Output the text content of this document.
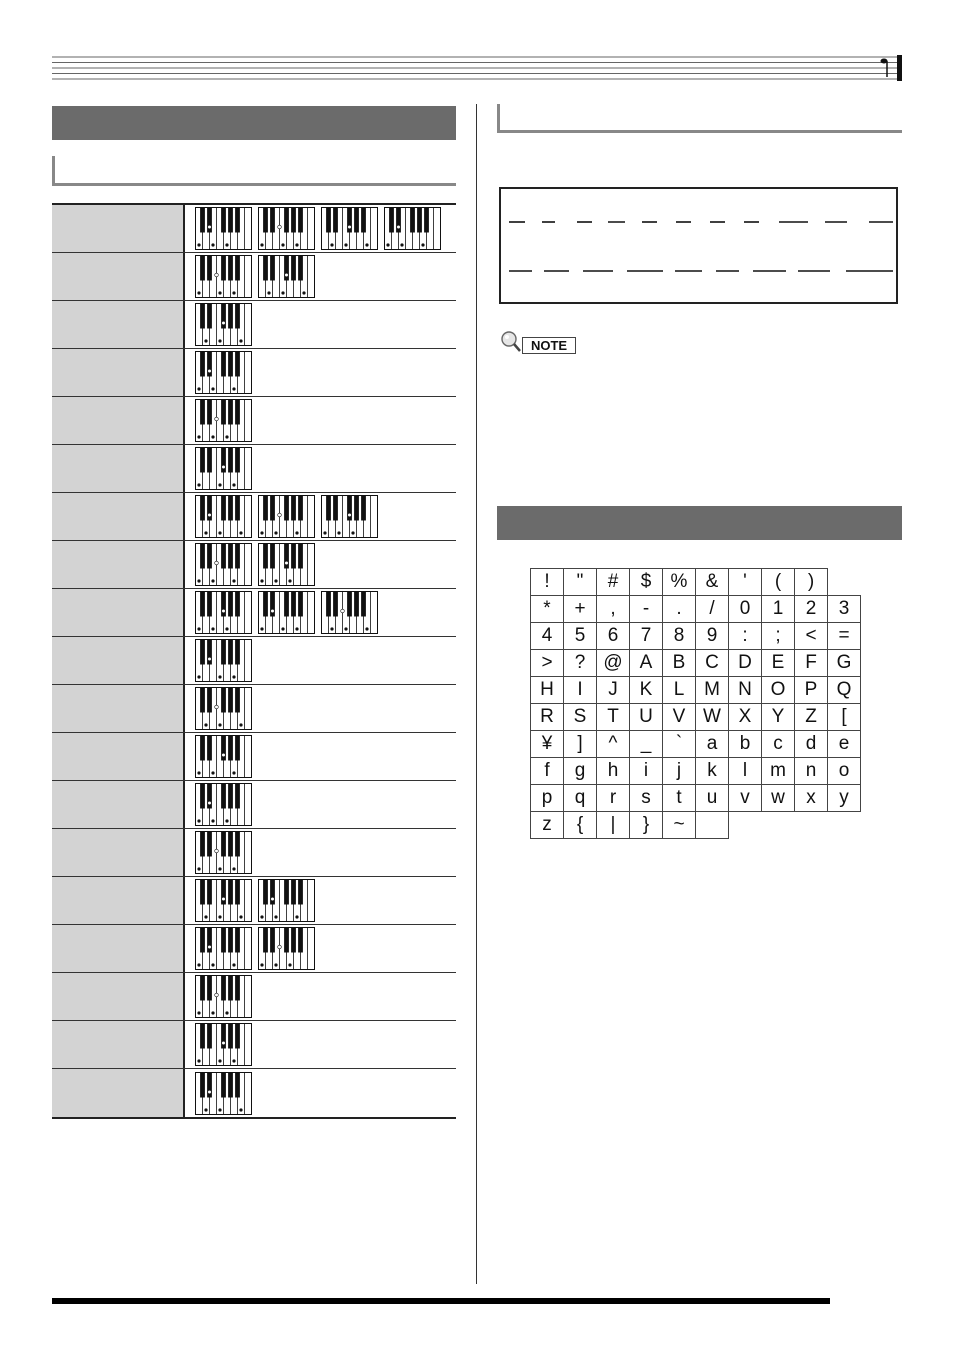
NOTE
!	"	#	$	%	&	'	(	)	
*	+	,	-	.	/	0	1	2	3
4	5	6	7	8	9	:	;	<	=
>	?	@	A	B	C	D	E	F	G
H	I	J	K	L	M	N	O	P	Q
R	S	T	U	V	W	X	Y	Z	[
¥	]	^	_	`	a	b	c	d	e
f	g	h	i	j	k	l	m	n	o
p	q	r	s	t	u	v	w	x	y
z	{	|	}	~					
